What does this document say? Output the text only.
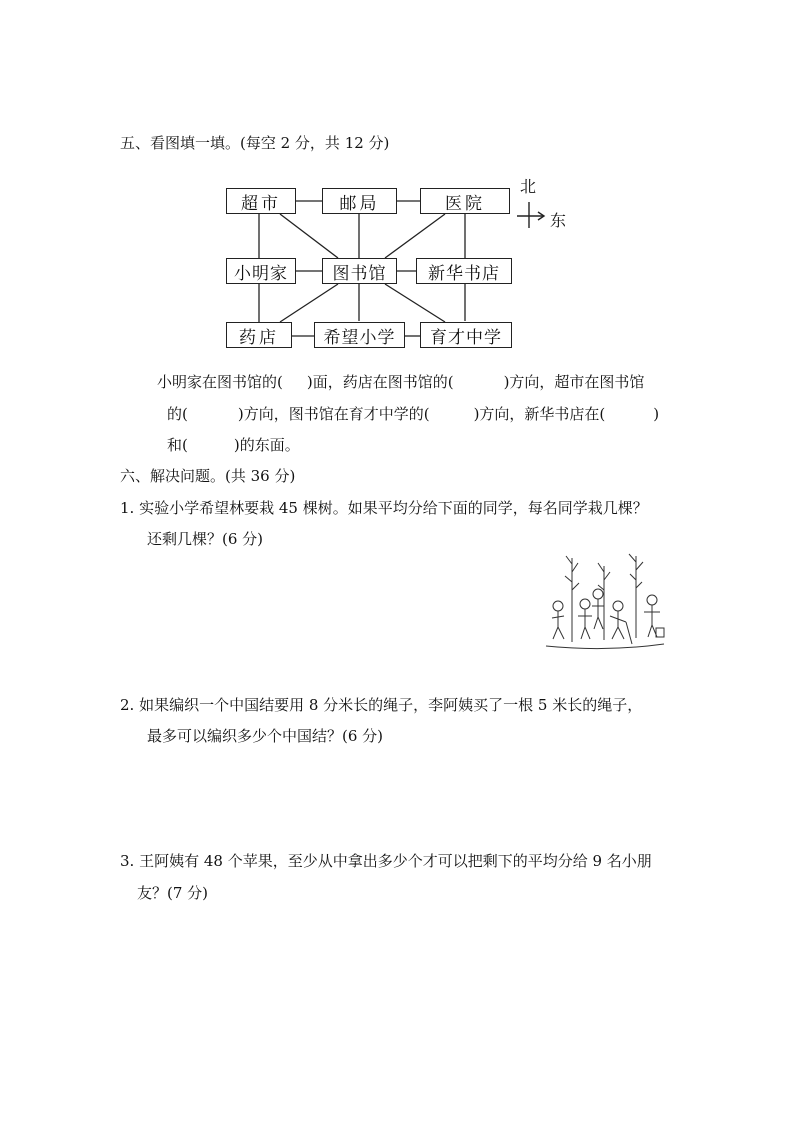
五、看图填一填。(每空 2 分，共 12 分)
超市	邮局	医院
小明家	图书馆	新华书店
药店	希望小学	育才中学
北
东
小明家在图书馆的( )面，药店在图书馆的(	)方向，超市在图书馆
的(	)方向，图书馆在育才中学的(	)方向，新华书店在(	)
和(	)的东面。
六、解决问题。(共 36 分)
1. 实验小学希望林要栽 45 棵树。如果平均分给下面的同学，每名同学栽几棵？
还剩几棵？(6 分)
2. 如果编织一个中国结要用 8 分米长的绳子，李阿姨买了一根 5 米长的绳子，
最多可以编织多少个中国结？(6 分)
3. 王阿姨有 48 个苹果，至少从中拿出多少个才可以把剩下的平均分给 9 名小朋
友？(7 分)
